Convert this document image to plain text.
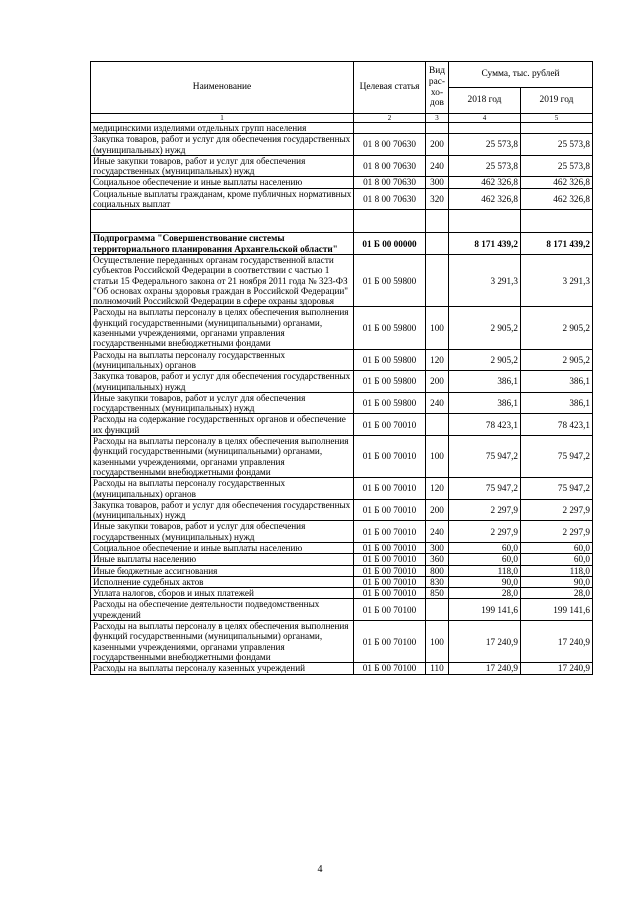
Наименование	Целевая статья	Вид рас-хо-дов	Сумма, тыс. рублей	
			2018 год	2019 год
1	2	3	4	5
медицинскими изделиями отдельных групп населения				
Закупка товаров, работ и услуг для обеспечения государственных (муниципальных) нужд	01 8 00 70630	200	25 573,8	25 573,8
Иные закупки товаров, работ и услуг для обеспечения государственных (муниципальных) нужд	01 8 00 70630	240	25 573,8	25 573,8
Социальное обеспечение и иные выплаты населению	01 8 00 70630	300	462 326,8	462 326,8
Социальные выплаты гражданам, кроме публичных нормативных социальных выплат	01 8 00 70630	320	462 326,8	462 326,8

Подпрограмма "Совершенствование системы территориального планирования Архангельской области"	01 Б 00 00000		8 171 439,2	8 171 439,2
Осуществление переданных органам государственной власти субъектов Российской Федерации в соответствии с частью 1 статьи 15 Федерального закона от 21 ноября 2011 года № 323-ФЗ "Об основах охраны здоровья граждан в Российской Федерации" полномочий Российской Федерации в сфере охраны здоровья	01 Б 00 59800		3 291,3	3 291,3
Расходы на выплаты персоналу в целях обеспечения выполнения функций государственными (муниципальными) органами, казенными учреждениями, органами управления государственными внебюджетными фондами	01 Б 00 59800	100	2 905,2	2 905,2
Расходы на выплаты персоналу государственных (муниципальных) органов	01 Б 00 59800	120	2 905,2	2 905,2
Закупка товаров, работ и услуг для обеспечения государственных (муниципальных) нужд	01 Б 00 59800	200	386,1	386,1
Иные закупки товаров, работ и услуг для обеспечения государственных (муниципальных) нужд	01 Б 00 59800	240	386,1	386,1
Расходы на содержание государственных органов и обеспечение их функций	01 Б 00 70010		78 423,1	78 423,1
Расходы на выплаты персоналу в целях обеспечения выполнения функций государственными (муниципальными) органами, казенными учреждениями, органами управления государственными внебюджетными фондами	01 Б 00 70010	100	75 947,2	75 947,2
Расходы на выплаты персоналу государственных (муниципальных) органов	01 Б 00 70010	120	75 947,2	75 947,2
Закупка товаров, работ и услуг для обеспечения государственных (муниципальных) нужд	01 Б 00 70010	200	2 297,9	2 297,9
Иные закупки товаров, работ и услуг для обеспечения государственных (муниципальных) нужд	01 Б 00 70010	240	2 297,9	2 297,9
Социальное обеспечение и иные выплаты населению	01 Б 00 70010	300	60,0	60,0
Иные выплаты населению	01 Б 00 70010	360	60,0	60,0
Иные бюджетные ассигнования	01 Б 00 70010	800	118,0	118,0
Исполнение судебных актов	01 Б 00 70010	830	90,0	90,0
Уплата налогов, сборов и иных платежей	01 Б 00 70010	850	28,0	28,0
Расходы на обеспечение деятельности подведомственных учреждений	01 Б 00 70100		199 141,6	199 141,6
Расходы на выплаты персоналу в целях обеспечения выполнения функций государственными (муниципальными) органами, казенными учреждениями, органами управления государственными внебюджетными фондами	01 Б 00 70100	100	17 240,9	17 240,9
Расходы на выплаты персоналу казенных учреждений	01 Б 00 70100	110	17 240,9	17 240,9
4
